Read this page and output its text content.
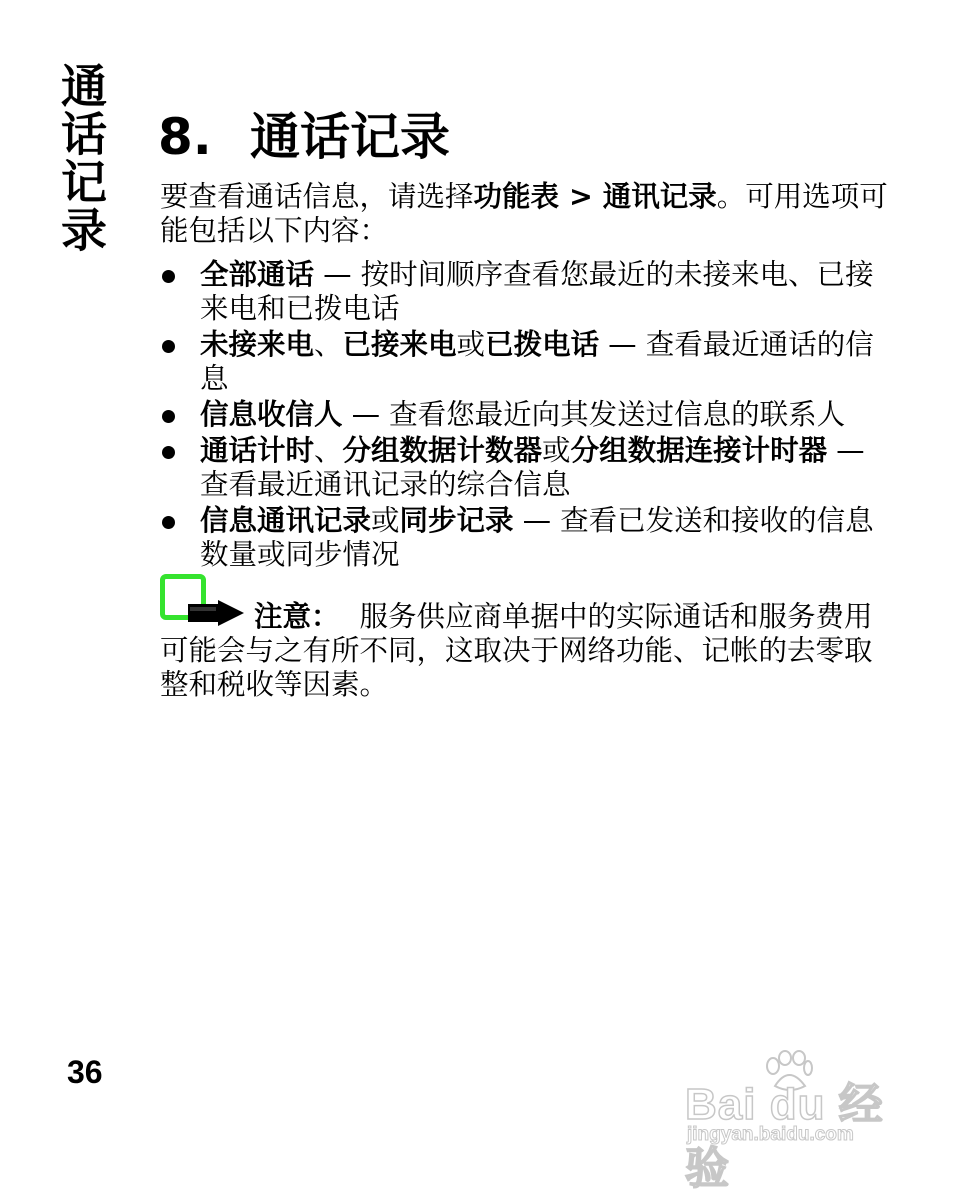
通话记录 8. 通话记录

要查看通话信息，请选择功能表 > 通讯记录。可用选项可能包括以下内容：

全部通话 — 按时间顺序查看您最近的未接来电、已接来电和已拨电话
未接来电、已接来电或已拨电话 — 查看最近通话的信息
信息收信人 — 查看您最近向其发送过信息的联系人
通话计时、分组数据计数器或分组数据连接计时器 — 查看最近通讯记录的综合信息
信息通讯记录或同步记录 — 查看已发送和接收的信息数量或同步情况

注意： 服务供应商单据中的实际通话和服务费用可能会与之有所不同，这取决于网络功能、记帐的去零取整和税收等因素。

36
Bai du 经验
jingyan.baidu.com
